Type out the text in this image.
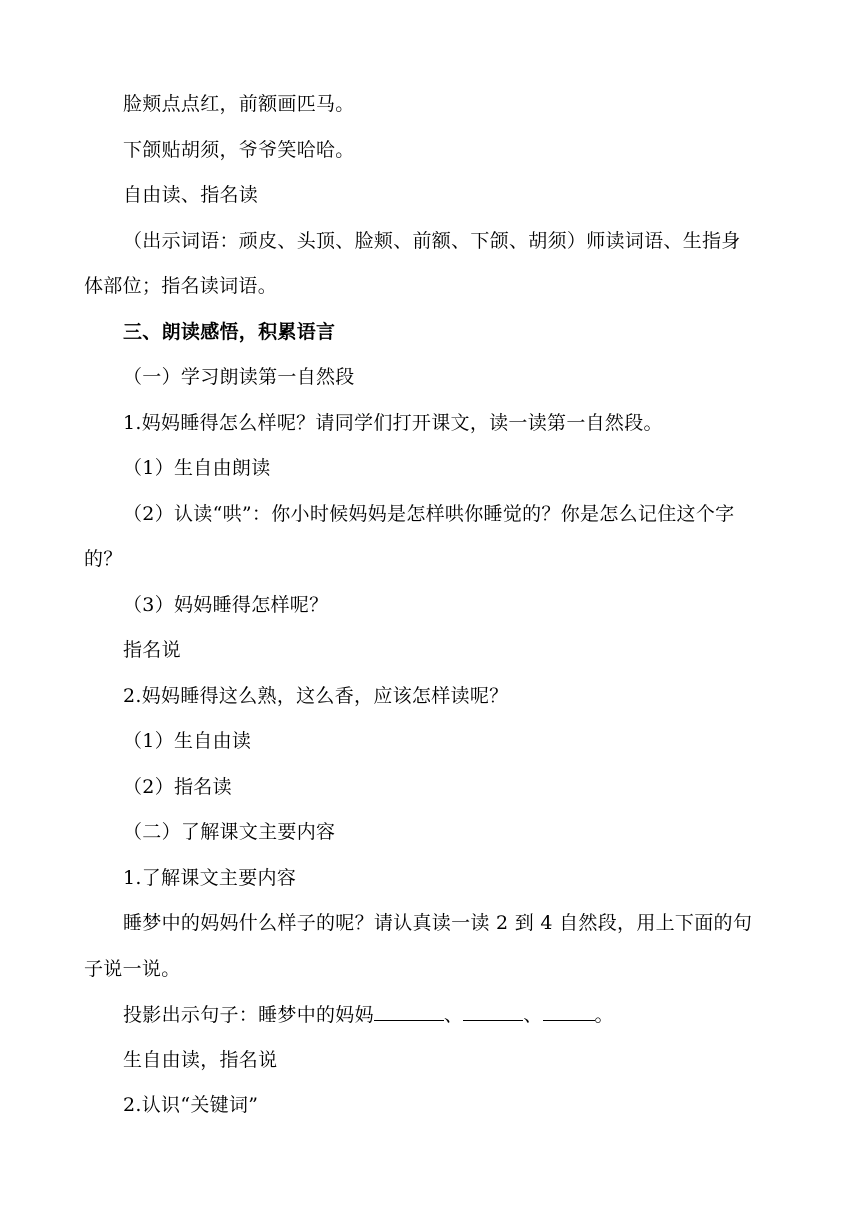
脸颊点点红，前额画匹马。
下颌贴胡须，爷爷笑哈哈。
自由读、指名读
（出示词语：顽皮、头顶、脸颊、前额、下颌、胡须）师读词语、生指身
体部位；指名读词语。
三、朗读感悟，积累语言
（一）学习朗读第一自然段
1.妈妈睡得怎么样呢？请同学们打开课文，读一读第一自然段。
（1）生自由朗读
（2）认读“哄”：你小时候妈妈是怎样哄你睡觉的？你是怎么记住这个字
的？
（3）妈妈睡得怎样呢？
指名说
2.妈妈睡得这么熟，这么香，应该怎样读呢？
（1）生自由读
（2）指名读
（二）了解课文主要内容
1.了解课文主要内容
睡梦中的妈妈什么样子的呢？请认真读一读 2 到 4 自然段，用上下面的句
子说一说。
投影出示句子：睡梦中的妈妈	、	、	。
生自由读，指名说
2.认识“关键词”
